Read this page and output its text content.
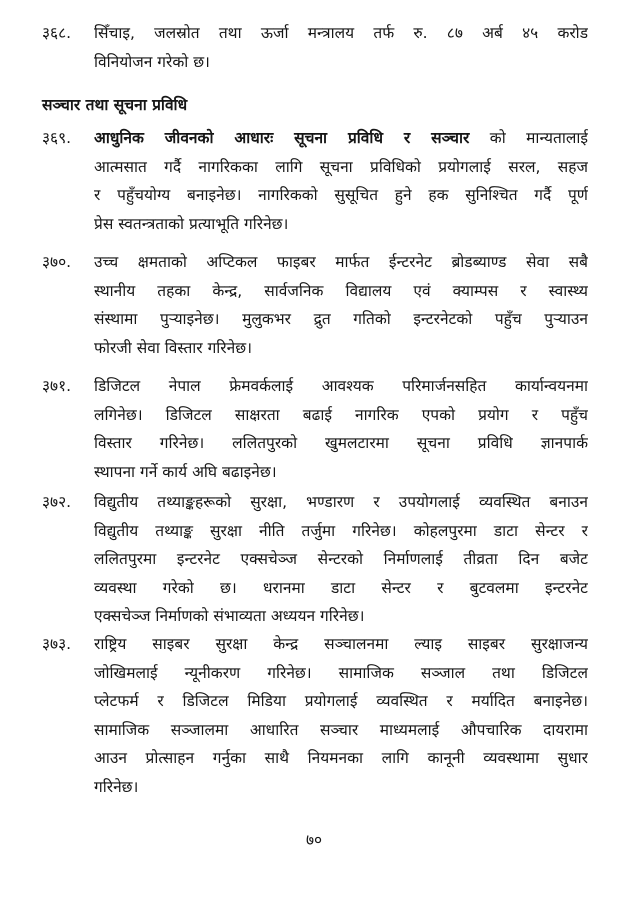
३६८.	सिँचाइ, जलस्रोत तथा ऊर्जा मन्त्रालय तर्फ रु. ८७ अर्ब ४५ करोड
विनियोजन गरेको छ।
सञ्चार तथा सूचना प्रविधि
३६९.	आधुनिक जीवनको आधारः सूचना प्रविधि र सञ्चार को मान्यतालाई
आत्मसात गर्दै नागरिकका लागि सूचना प्रविधिको प्रयोगलाई सरल, सहज
र पहुँचयोग्य बनाइनेछ। नागरिकको सुसूचित हुने हक सुनिश्चित गर्दै पूर्ण
प्रेस स्वतन्त्रताको प्रत्याभूति गरिनेछ।
३७०.	उच्च क्षमताको अप्टिकल फाइबर मार्फत ईन्टरनेट ब्रोडब्याण्ड सेवा सबै
स्थानीय तहका केन्द्र, सार्वजनिक विद्यालय एवं क्याम्पस र स्वास्थ्य
संस्थामा पुर्‍याइनेछ। मुलुकभर द्रुत गतिको इन्टरनेटको पहुँच पुर्‍याउन
फोरजी सेवा विस्तार गरिनेछ।
३७१.	डिजिटल नेपाल फ्रेमवर्कलाई आवश्यक परिमार्जनसहित कार्यान्वयनमा
लगिनेछ। डिजिटल साक्षरता बढाई नागरिक एपको प्रयोग र पहुँच
विस्तार गरिनेछ। ललितपुरको खुमलटारमा सूचना प्रविधि ज्ञानपार्क
स्थापना गर्ने कार्य अघि बढाइनेछ।
३७२.	विद्युतीय तथ्याङ्कहरूको सुरक्षा, भण्डारण र उपयोगलाई व्यवस्थित बनाउन
विद्युतीय तथ्याङ्क सुरक्षा नीति तर्जुमा गरिनेछ। कोहलपुरमा डाटा सेन्टर र
ललितपुरमा इन्टरनेट एक्सचेञ्ज सेन्टरको निर्माणलाई तीव्रता दिन बजेट
व्यवस्था गरेको छ। धरानमा डाटा सेन्टर र बुटवलमा इन्टरनेट
एक्सचेञ्ज निर्माणको संभाव्यता अध्ययन गरिनेछ।
३७३.	राष्ट्रिय साइबर सुरक्षा केन्द्र सञ्चालनमा ल्याइ साइबर सुरक्षाजन्य
जोखिमलाई न्यूनीकरण गरिनेछ। सामाजिक सञ्जाल तथा डिजिटल
प्लेटफर्म र डिजिटल मिडिया प्रयोगलाई व्यवस्थित र मर्यादित बनाइनेछ।
सामाजिक सञ्जालमा आधारित सञ्चार माध्यमलाई औपचारिक दायरामा
आउन प्रोत्साहन गर्नुका साथै नियमनका लागि कानूनी व्यवस्थामा सुधार
गरिनेछ।
७०
